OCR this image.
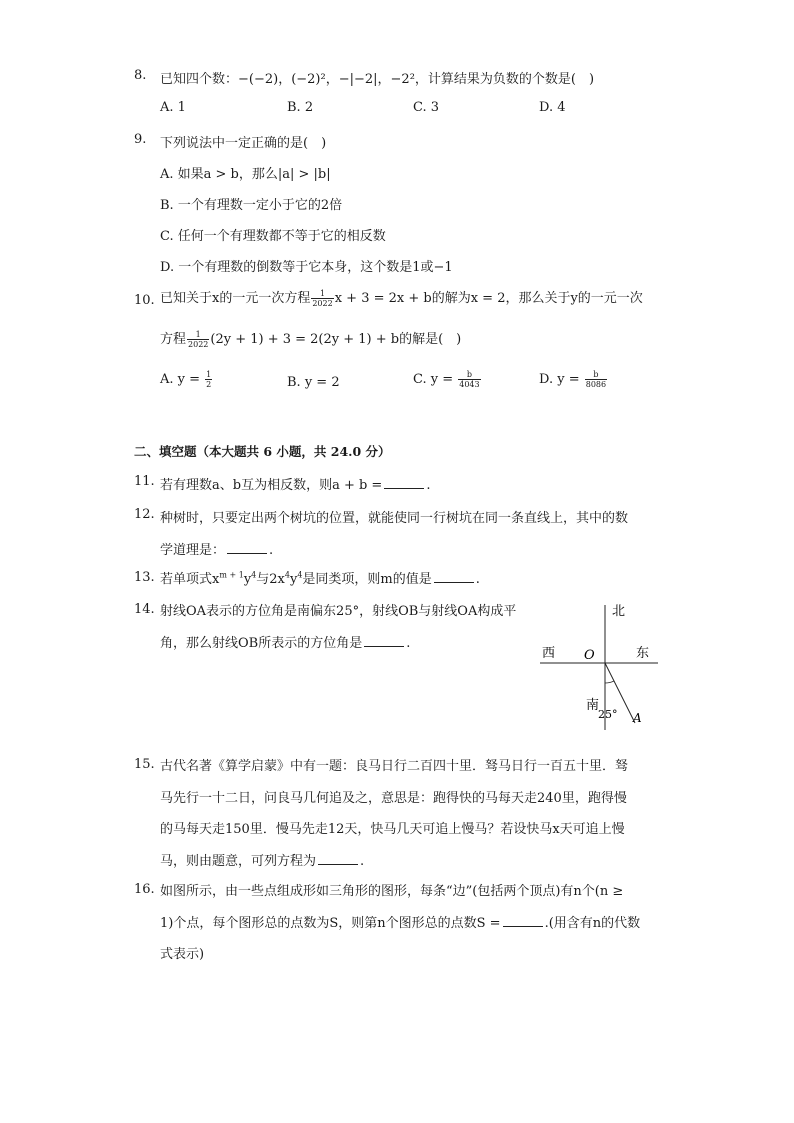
8. 已知四个数：−(−2)，(−2)²，−|−2|，−2²，计算结果为负数的个数是(　)
A. 1	B. 2	C. 3	D. 4
9. 下列说法中一定正确的是(　)
A. 如果a > b，那么|a| > |b|
B. 一个有理数一定小于它的2倍
C. 任何一个有理数都不等于它的相反数
D. 一个有理数的倒数等于它本身，这个数是1或−1
10. 已知关于x的一元一次方程 $\frac{1}{2022}$ x + 3 = 2x + b的解为x = 2，那么关于y的一元一次
方程 $\frac{1}{2022} (2y + 1) + 3 = 2(2y + 1) + b$的解是(　)
A. $y = \frac{1}{2}$	B. y = 2	C. $y = \frac{b}{4043}$	D. $y = \frac{b}{8086}$
二、填空题（本大题共 6 小题，共 24.0 分）
11. 若有理数a、b互为相反数，则a + b =	.
12. 种树时，只要定出两个树坑的位置，就能使同一行树坑在同一条直线上，其中的数
学道理是：	.
13. 若单项式$x^{m + 1}y^4$与$2x^4y^4$是同类项，则m的值是	.
14. 射线OA表示的方位角是南偏东25°，射线OB与射线OA构成平
角，那么射线OB所表示的方位角是	.
北
西	东
南
O
25° A
15. 古代名著《算学启蒙》中有一题：良马日行二百四十里．驽马日行一百五十里．驽
马先行一十二日，问良马几何追及之，意思是：跑得快的马每天走240里，跑得慢
的马每天走150里．慢马先走12天，快马几天可追上慢马？若设快马x天可追上慢
马，则由题意，可列方程为	.
16. 如图所示，由一些点组成形如三角形的图形，每条“边”(包括两个顶点)有n个(n ≥
1)个点，每个图形总的点数为S，则第n个图形总的点数S =	.(用含有n的代数
式表示)
